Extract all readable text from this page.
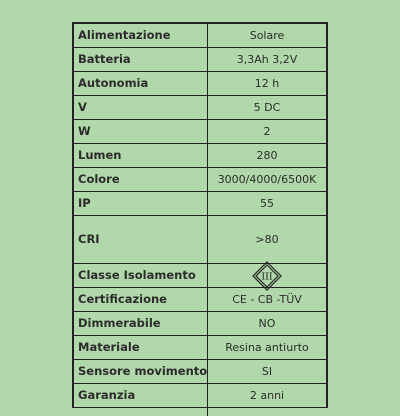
Alimentazione	Solare
Batteria	3,3Ah 3,2V
Autonomia	12 h
V	5 DC
W	2
Lumen	280
Colore	3000/4000/6500K
IP	55
CRI	>80
Classe Isolamento	III
Certificazione	CE - CB -TÜV
Dimmerabile	NO
Materiale	Resina antiurto
Sensore movimento	SI
Garanzia	2 anni
